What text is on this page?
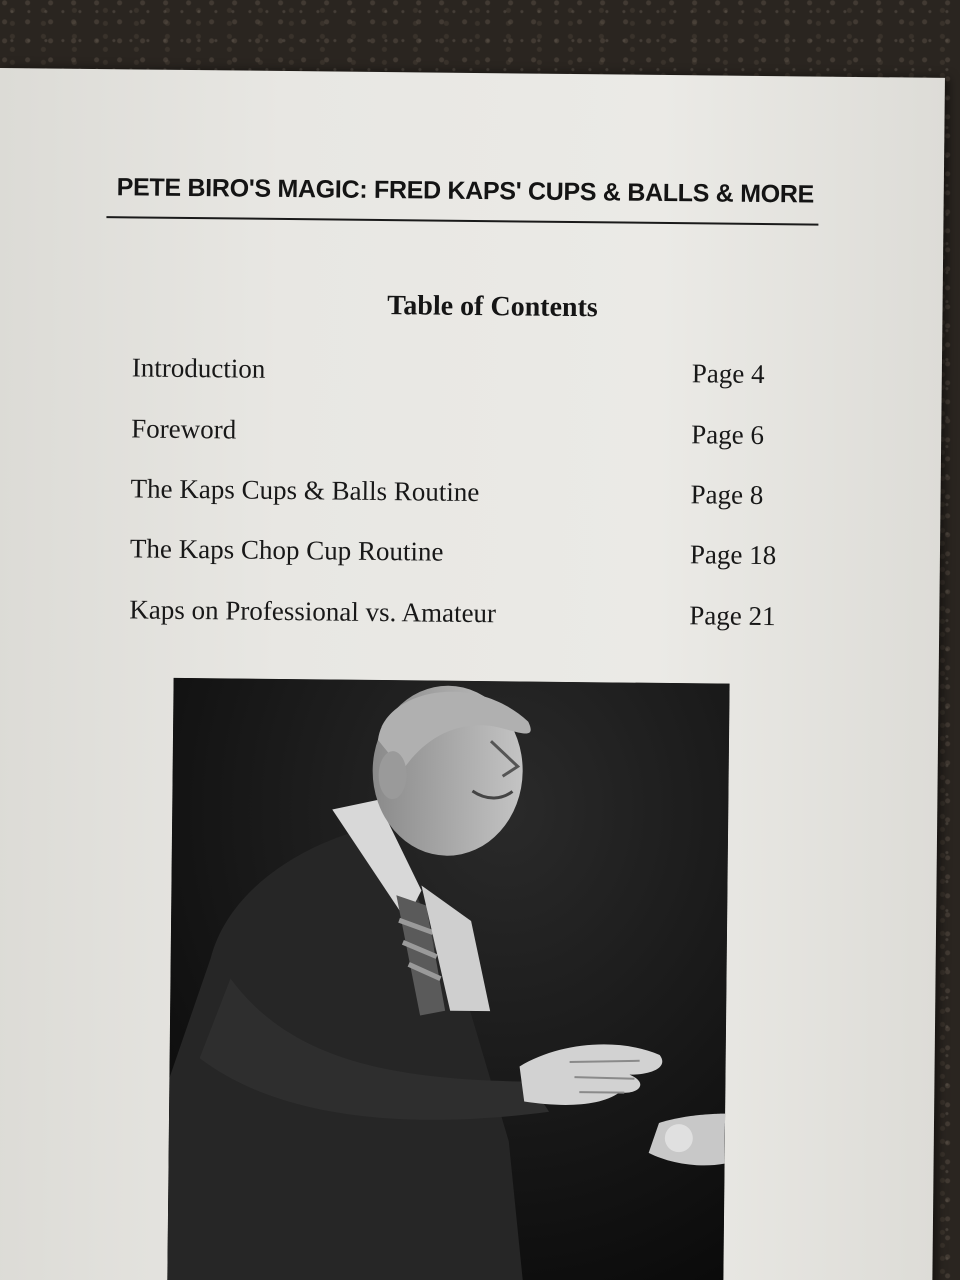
PETE BIRO'S MAGIC: FRED KAPS' CUPS & BALLS & MORE
Table of Contents
Introduction	Page 4
Foreword	Page 6
The Kaps Cups & Balls Routine	Page 8
The Kaps Chop Cup Routine	Page 18
Kaps on Professional vs. Amateur	Page 21
